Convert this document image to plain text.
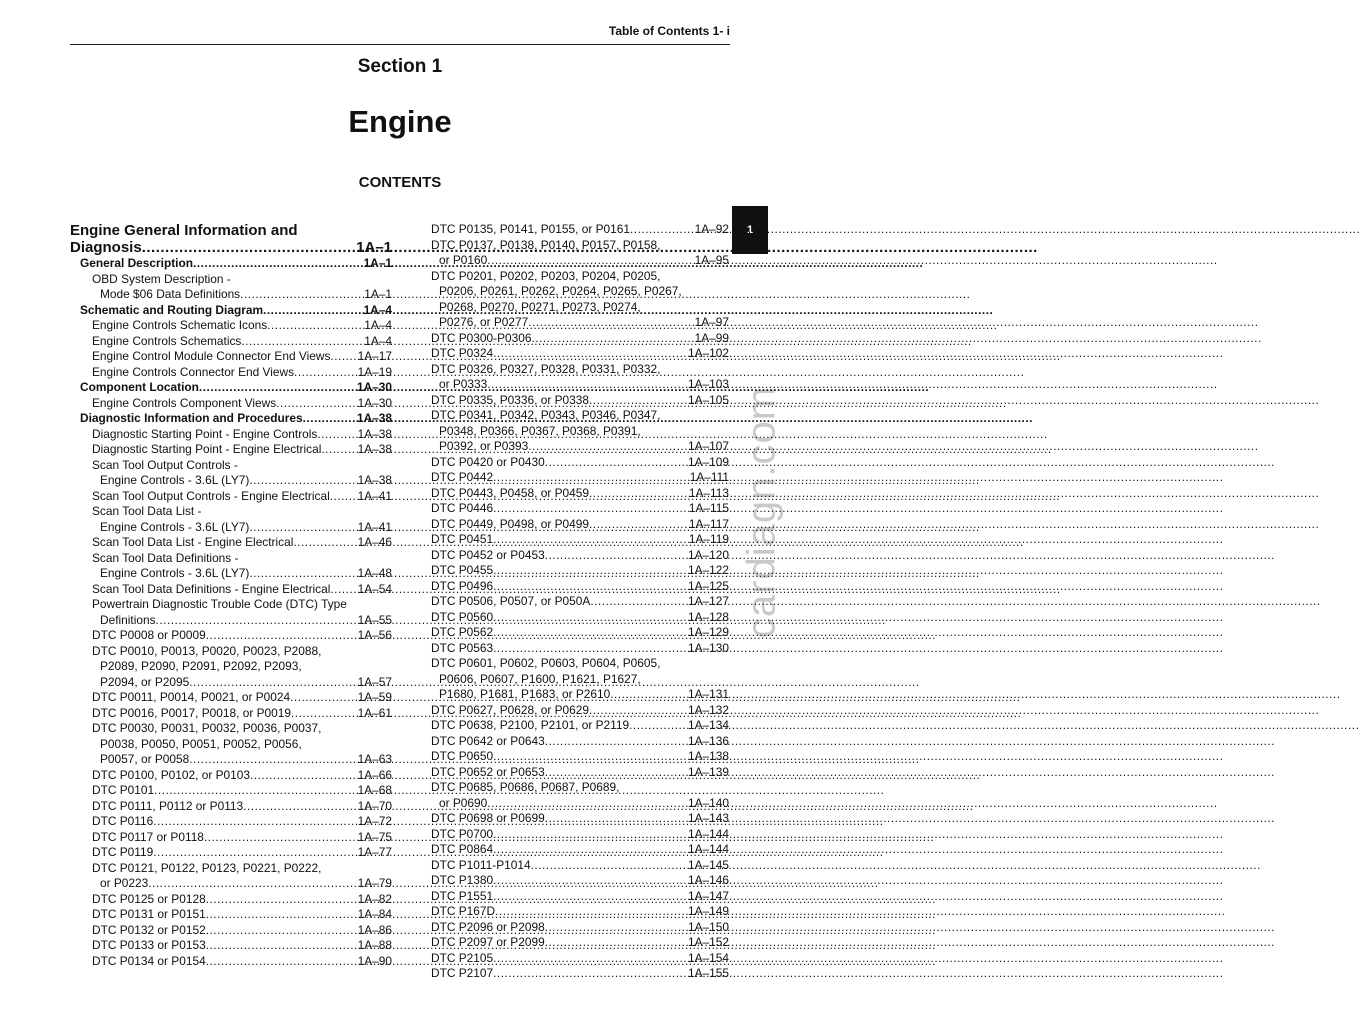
Table of Contents 1- i
Section 1
Engine
CONTENTS
1
cardiagn.com
Engine General Information and
Diagnosis .....	1A–1
General Description .....	1A–1
OBD System Description -
Mode $06 Data Definitions .....	1A–1
Schematic and Routing Diagram .....	1A–4
Engine Controls Schematic Icons .....	1A–4
Engine Controls Schematics .....	1A–4
Engine Control Module Connector End Views .....	1A–17
Engine Controls Connector End Views .....	1A–19
Component Location .....	1A–30
Engine Controls Component Views .....	1A–30
Diagnostic Information and Procedures .....	1A–38
Diagnostic Starting Point - Engine Controls .....	1A–38
Diagnostic Starting Point - Engine Electrical .....	1A–38
Scan Tool Output Controls -
Engine Controls - 3.6L (LY7) .....	1A–38
Scan Tool Output Controls - Engine Electrical .....	1A–41
Scan Tool Data List -
Engine Controls - 3.6L (LY7) .....	1A–41
Scan Tool Data List - Engine Electrical .....	1A–46
Scan Tool Data Definitions -
Engine Controls - 3.6L (LY7) .....	1A–48
Scan Tool Data Definitions - Engine Electrical .....	1A–54
Powertrain Diagnostic Trouble Code (DTC) Type
Definitions .....	1A–55
DTC P0008 or P0009 .....	1A–56
DTC P0010, P0013, P0020, P0023, P2088,
P2089, P2090, P2091, P2092, P2093,
P2094, or P2095 .....	1A–57
DTC P0011, P0014, P0021, or P0024 .....	1A–59
DTC P0016, P0017, P0018, or P0019 .....	1A–61
DTC P0030, P0031, P0032, P0036, P0037,
P0038, P0050, P0051, P0052, P0056,
P0057, or P0058 .....	1A–63
DTC P0100, P0102, or P0103 .....	1A–66
DTC P0101 .....	1A–68
DTC P0111, P0112 or P0113 .....	1A–70
DTC P0116 .....	1A–72
DTC P0117 or P0118 .....	1A–75
DTC P0119 .....	1A–77
DTC P0121, P0122, P0123, P0221, P0222,
or P0223 .....	1A–79
DTC P0125 or P0128 .....	1A–82
DTC P0131 or P0151 .....	1A–84
DTC P0132 or P0152 .....	1A–86
DTC P0133 or P0153 .....	1A–88
DTC P0134 or P0154 .....	1A–90
DTC P0135, P0141, P0155, or P0161 .....	1A–92
DTC P0137, P0138, P0140, P0157, P0158,
or P0160 .....	1A–95
DTC P0201, P0202, P0203, P0204, P0205,
P0206, P0261, P0262, P0264, P0265, P0267,
P0268, P0270, P0271, P0273, P0274,
P0276, or P0277 .....	1A–97
DTC P0300-P0306 .....	1A–99
DTC P0324 .....	1A–102
DTC P0326, P0327, P0328, P0331, P0332,
or P0333 .....	1A–103
DTC P0335, P0336, or P0338 .....	1A–105
DTC P0341, P0342, P0343, P0346, P0347,
P0348, P0366, P0367, P0368, P0391,
P0392, or P0393 .....	1A–107
DTC P0420 or P0430 .....	1A–109
DTC P0442 .....	1A–111
DTC P0443, P0458, or P0459 .....	1A–113
DTC P0446 .....	1A–115
DTC P0449, P0498, or P0499 .....	1A–117
DTC P0451 .....	1A–119
DTC P0452 or P0453 .....	1A–120
DTC P0455 .....	1A–122
DTC P0496 .....	1A–125
DTC P0506, P0507, or P050A .....	1A–127
DTC P0560 .....	1A–128
DTC P0562 .....	1A–129
DTC P0563 .....	1A–130
DTC P0601, P0602, P0603, P0604, P0605,
P0606, P0607, P1600, P1621, P1627,
P1680, P1681, P1683, or P2610 .....	1A–131
DTC P0627, P0628, or P0629 .....	1A–132
DTC P0638, P2100, P2101, or P2119 .....	1A–134
DTC P0642 or P0643 .....	1A–136
DTC P0650 .....	1A–138
DTC P0652 or P0653 .....	1A–139
DTC P0685, P0686, P0687, P0689,
or P0690 .....	1A–140
DTC P0698 or P0699 .....	1A–143
DTC P0700 .....	1A–144
DTC P0864 .....	1A–144
DTC P1011-P1014 .....	1A–145
DTC P1380 .....	1A–146
DTC P1551 .....	1A–147
DTC P167D .....	1A–149
DTC P2096 or P2098 .....	1A–150
DTC P2097 or P2099 .....	1A–152
DTC P2105 .....	1A–154
DTC P2107 .....	1A–155
